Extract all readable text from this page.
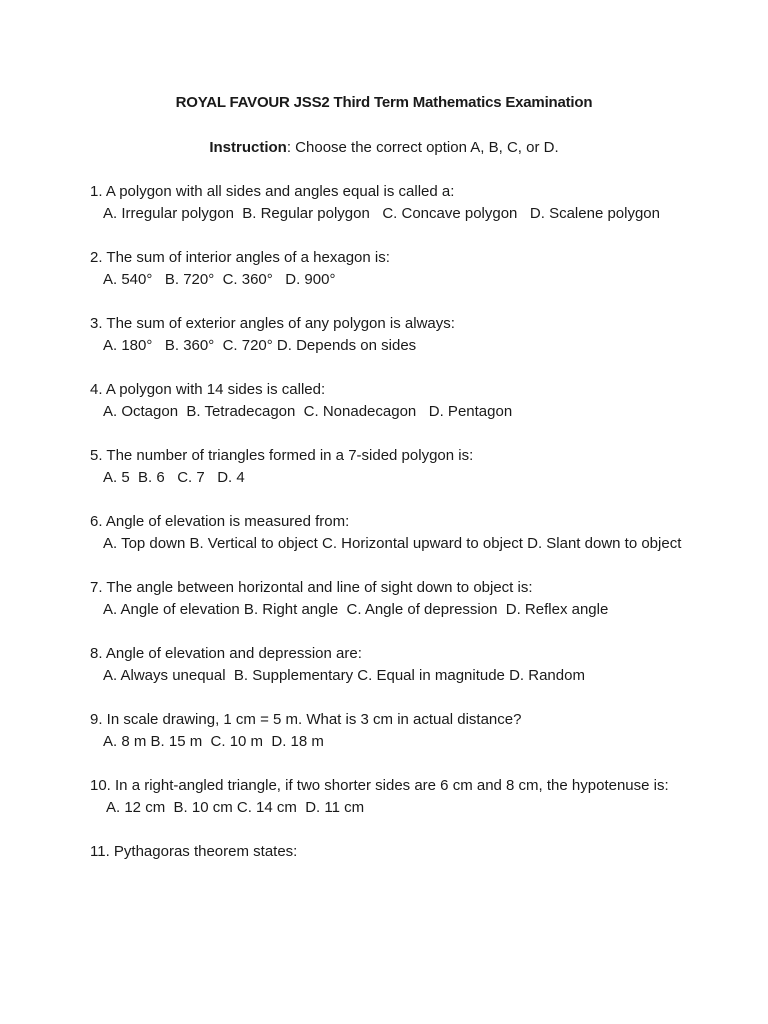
ROYAL FAVOUR JSS2 Third Term Mathematics Examination
Instruction: Choose the correct option A, B, C, or D.
1. A polygon with all sides and angles equal is called a:
A. Irregular polygon  B. Regular polygon   C. Concave polygon   D. Scalene polygon
2. The sum of interior angles of a hexagon is:
A. 540°   B. 720°  C. 360°   D. 900°
3. The sum of exterior angles of any polygon is always:
A. 180°   B. 360°  C. 720° D. Depends on sides
4. A polygon with 14 sides is called:
A. Octagon  B. Tetradecagon  C. Nonadecagon   D. Pentagon
5. The number of triangles formed in a 7-sided polygon is:
A. 5  B. 6   C. 7   D. 4
6. Angle of elevation is measured from:
A. Top down B. Vertical to object C. Horizontal upward to object D. Slant down to object
7. The angle between horizontal and line of sight down to object is:
A. Angle of elevation B. Right angle  C. Angle of depression  D. Reflex angle
8. Angle of elevation and depression are:
A. Always unequal  B. Supplementary C. Equal in magnitude D. Random
9. In scale drawing, 1 cm = 5 m. What is 3 cm in actual distance?
A. 8 m B. 15 m  C. 10 m  D. 18 m
10. In a right-angled triangle, if two shorter sides are 6 cm and 8 cm, the hypotenuse is:
A. 12 cm  B. 10 cm C. 14 cm  D. 11 cm
11. Pythagoras theorem states:
